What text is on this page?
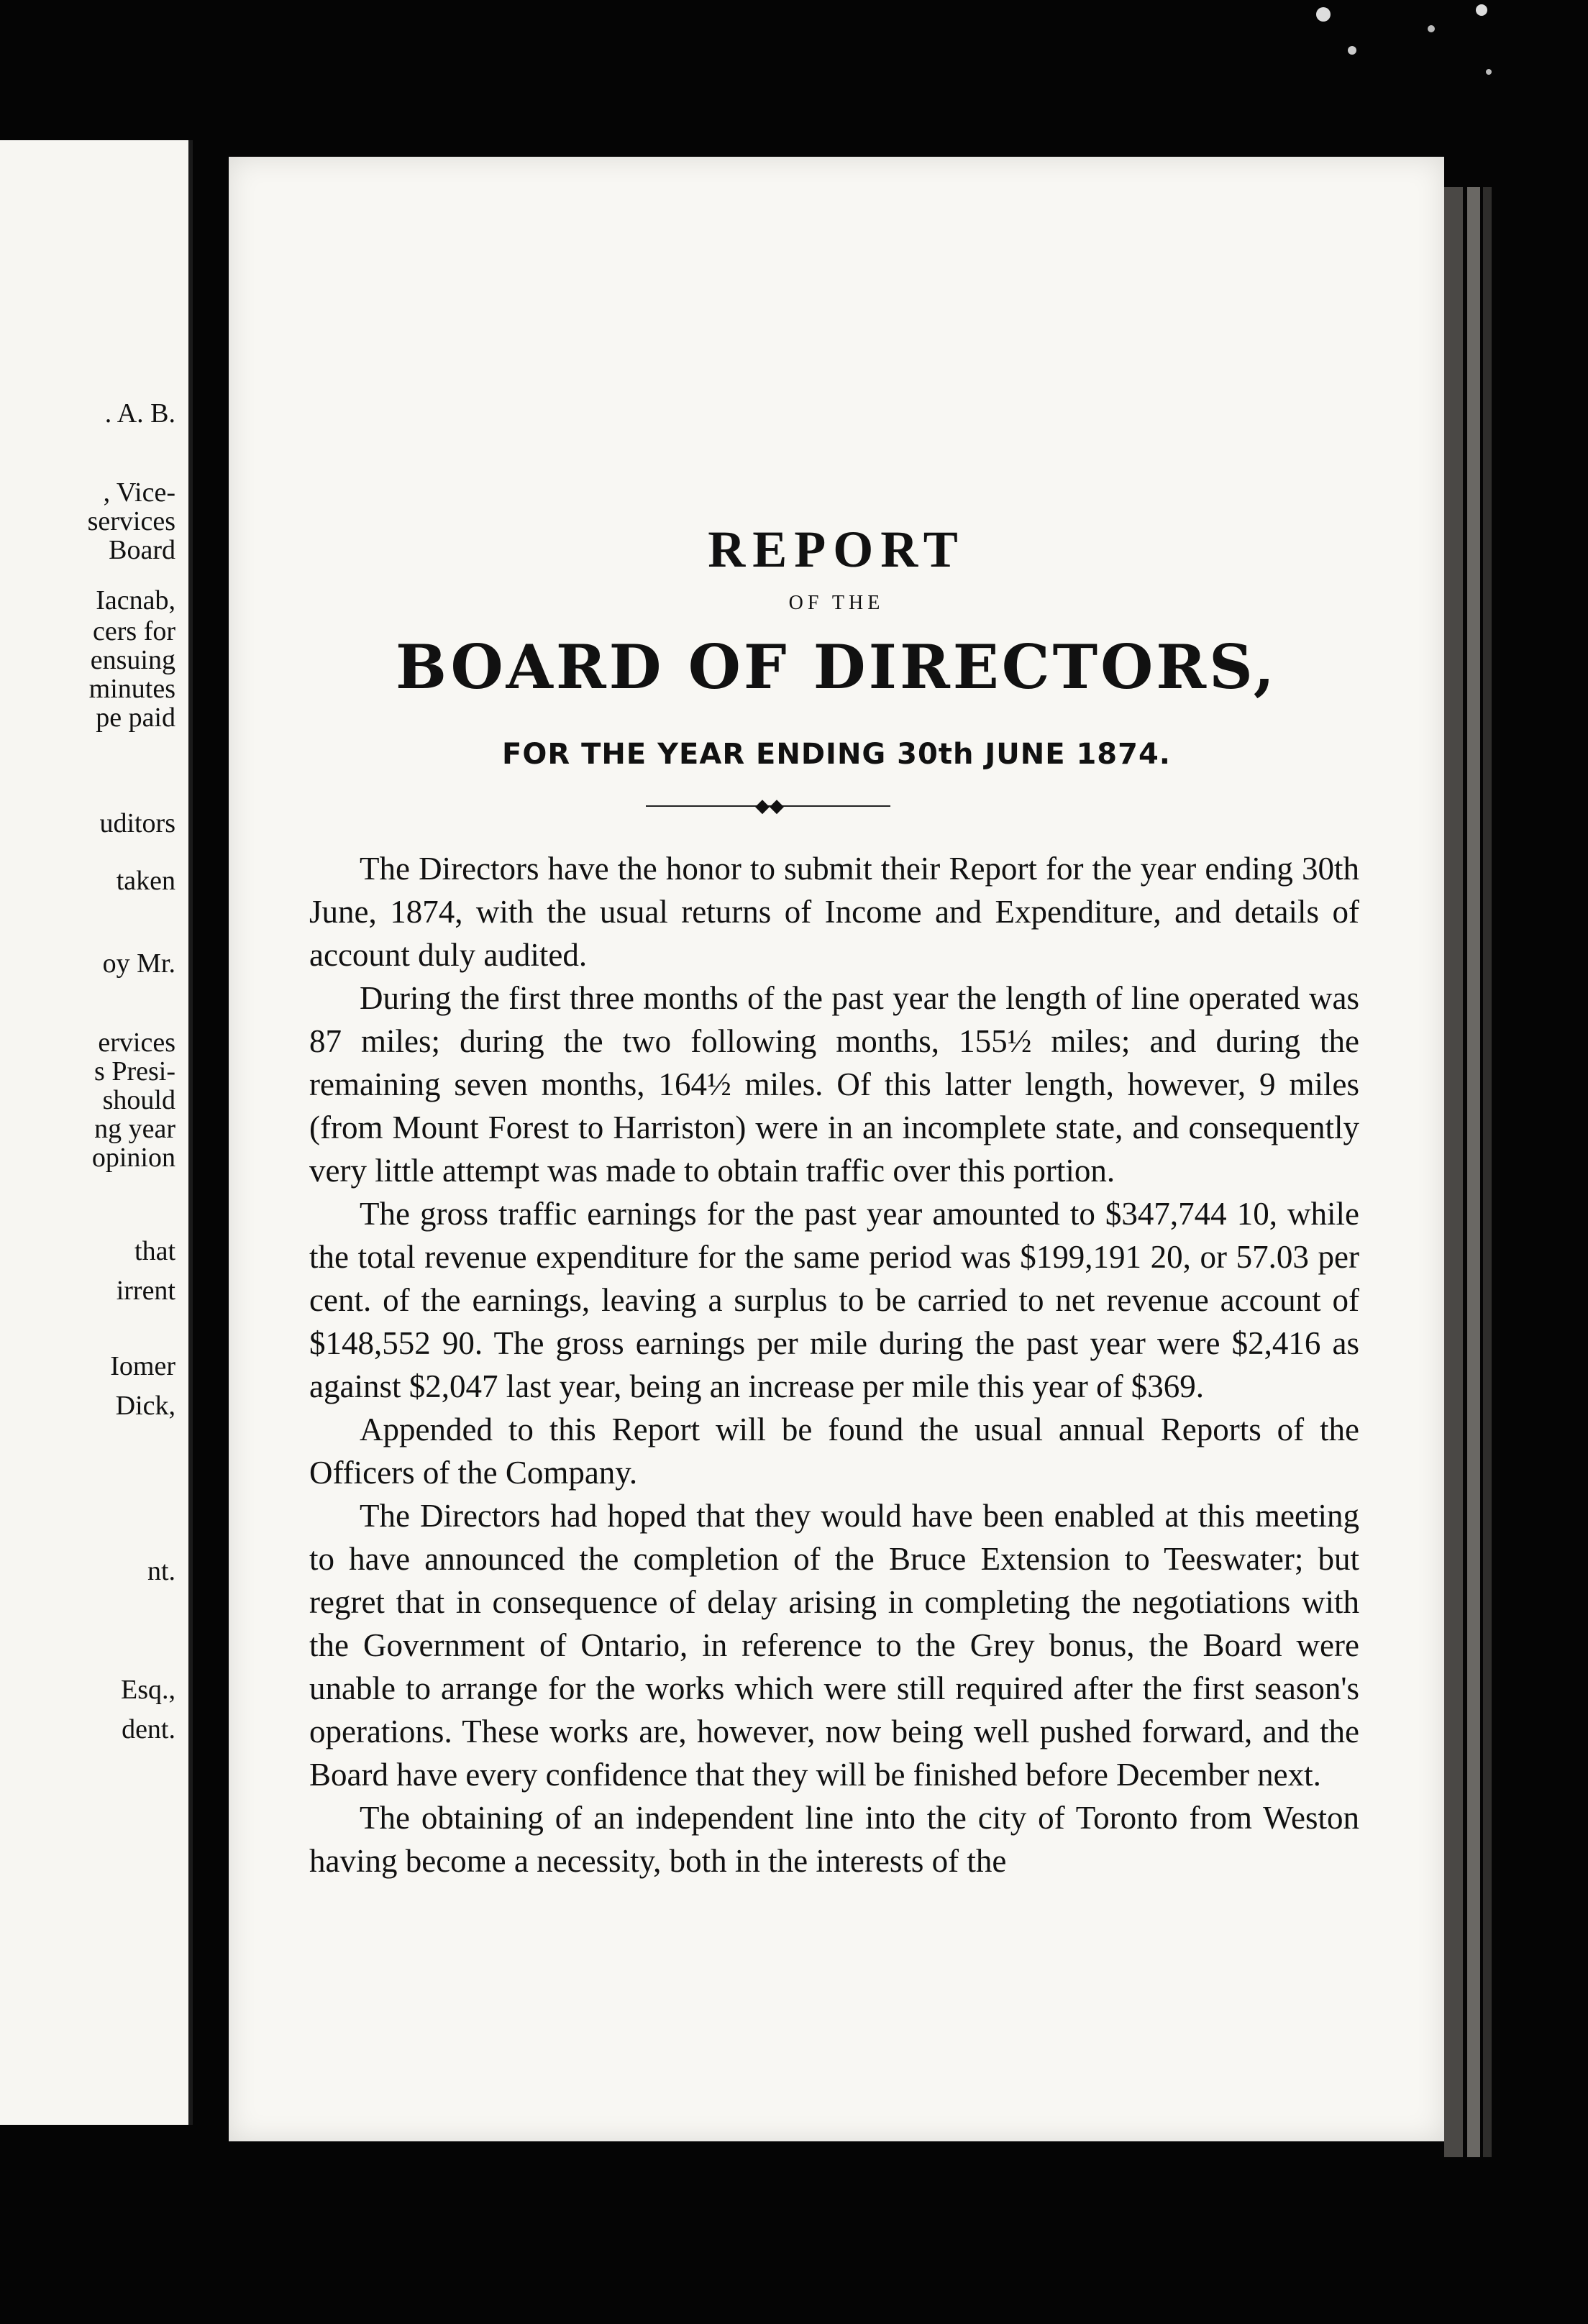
. A. B.
, Vice-
services
Board
Iacnab,
cers for
ensuing
minutes
pe paid
uditors
taken
oy Mr.
ervices
s Presi-
should
ng year
opinion
that
irrent
Iomer
Dick,
nt.
Esq.,
dent.
REPORT
OF THE
BOARD OF DIRECTORS,
FOR THE YEAR ENDING 30th JUNE 1874.
◆◆

The Directors have the honor to submit their Report for the year ending 30th June, 1874, with the usual returns of Income and Expenditure, and details of account duly audited.

During the first three months of the past year the length of line operated was 87 miles; during the two following months, 155½ miles; and during the remaining seven months, 164½ miles. Of this latter length, however, 9 miles (from Mount Forest to Harriston) were in an incomplete state, and consequently very little attempt was made to obtain traffic over this portion.

The gross traffic earnings for the past year amounted to $347,744 10, while the total revenue expenditure for the same period was $199,191 20, or 57.03 per cent. of the earnings, leaving a surplus to be carried to net revenue account of $148,552 90. The gross earnings per mile during the past year were $2,416 as against $2,047 last year, being an increase per mile this year of $369.

Appended to this Report will be found the usual annual Reports of the Officers of the Company.

The Directors had hoped that they would have been enabled at this meeting to have announced the completion of the Bruce Extension to Teeswater; but regret that in consequence of delay arising in completing the negotiations with the Government of Ontario, in reference to the Grey bonus, the Board were unable to arrange for the works which were still required after the first season's operations. These works are, however, now being well pushed forward, and the Board have every confidence that they will be finished before December next.

The obtaining of an independent line into the city of Toronto from Weston having become a necessity, both in the interests of the
